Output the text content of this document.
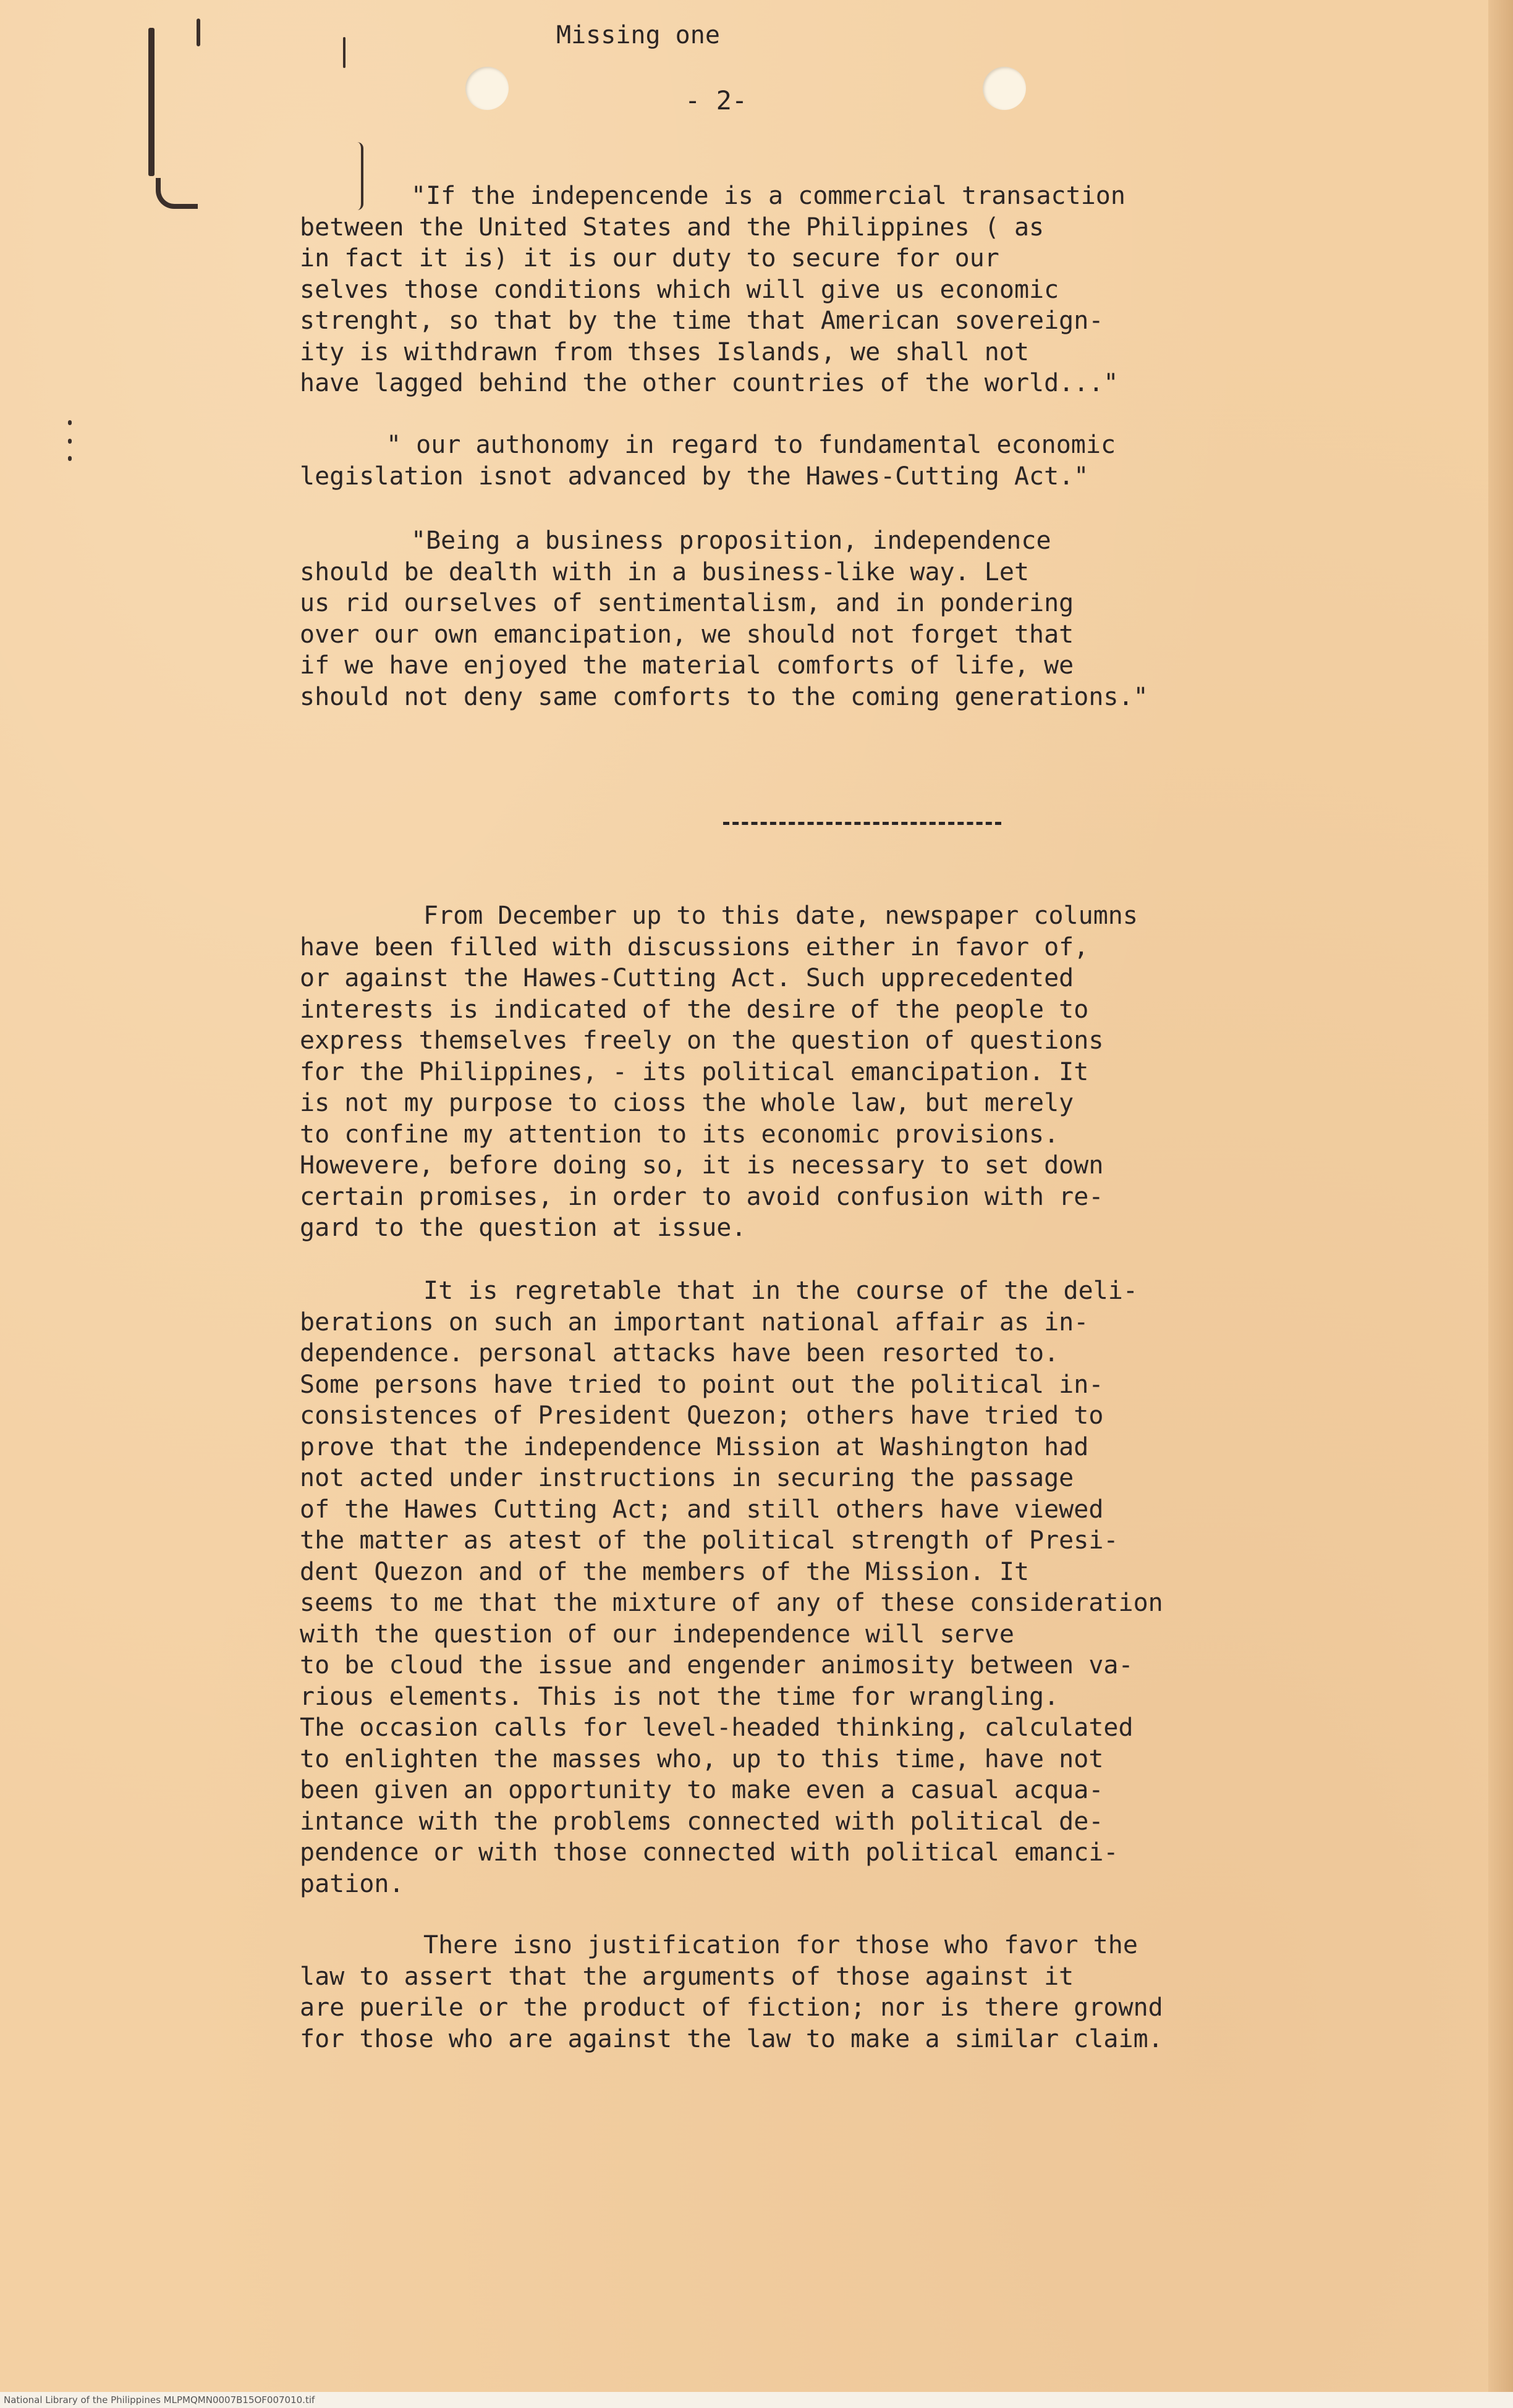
Missing one
- 2-
"If the indepencende is a commercial transaction
between the United States and the Philippines ( as
in fact it is) it is our duty to secure for our
selves those conditions which will give us economic
strenght, so that by the time that American sovereign-
ity is withdrawn from thses Islands, we shall not
have lagged behind the other countries of the world..."
" our authonomy in regard to fundamental economic
legislation isnot advanced by the Hawes-Cutting Act."
"Being a business proposition, independence
should be dealth with in a business-like way. Let
us rid ourselves of sentimentalism, and in pondering
over our own emancipation, we should not forget that
if we have enjoyed the material comforts of life, we
should not deny same comforts to the coming generations."
From December up to this date, newspaper columns
have been filled with discussions either in favor of,
or against the Hawes-Cutting Act. Such upprecedented
interests is indicated of the desire of the people to
express themselves freely on the question of questions
for the Philippines, - its political emancipation. It
is not my purpose to cioss the whole law, but merely
to confine my attention to its economic provisions.
Howevere, before doing so, it is necessary to set down
certain promises, in order to avoid confusion with re-
gard to the question at issue.
It is regretable that in the course of the deli-
berations on such an important national affair as in-
dependence. personal attacks have been resorted to.
Some persons have tried to point out the political in-
consistences of President Quezon; others have tried to
prove that the independence Mission at Washington had
not acted under instructions in securing the passage
of the Hawes Cutting Act; and still others have viewed
the matter as atest of the political strength of Presi-
dent Quezon and of the members of the Mission. It
seems to me that the mixture of any of these consideration
with the question of our independence will serve
to be cloud the issue and engender animosity between va-
rious elements. This is not the time for wrangling.
The occasion calls for level-headed thinking, calculated
to enlighten the masses who, up to this time, have not
been given an opportunity to make even a casual acqua-
intance with the problems connected with political de-
pendence or with those connected with political emanci-
pation.
There isno justification for those who favor the
law to assert that the arguments of those against it
are puerile or the product of fiction; nor is there grownd
for those who are against the law to make a similar claim.
National Library of the Philippines MLPMQMN0007B15OF007010.tif
